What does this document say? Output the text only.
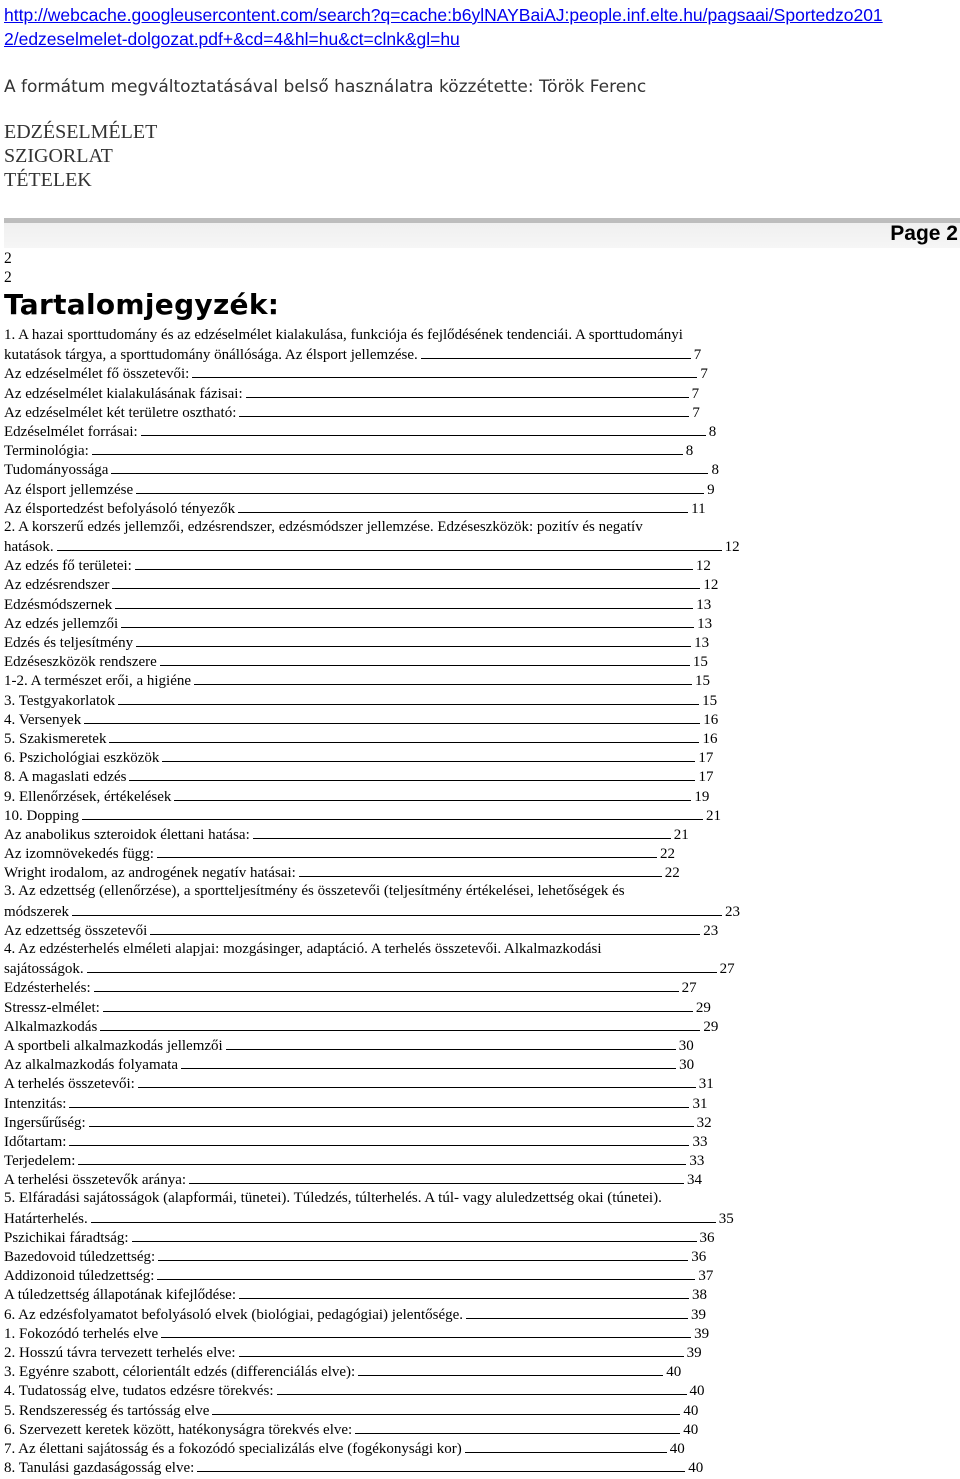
http://webcache.googleusercontent.com/search?q=cache:b6ylNAYBaiAJ:people.inf.elte.hu/pagsaai/Sportedzo201
2/edzeselmelet-dolgozat.pdf+&cd=4&hl=hu&ct=clnk&gl=hu

A formátum megváltoztatásával belső használatra közzétette: Török Ferenc
EDZÉSELMÉLET
SZIGORLAT
TÉTELEK
Page 2
2
2
Tartalomjegyzék:
1. A hazai sporttudomány és az edzéselmélet kialakulása, funkciója és fejlődésének tendenciái. A sporttudományi
kutatások tárgya, a sporttudomány önállósága. Az élsport jellemzése.	7
Az edzéselmélet fő összetevői:	7
Az edzéselmélet kialakulásának fázisai:	7
Az edzéselmélet két területre osztható:	7
Edzéselmélet forrásai:	8
Terminológia:	8
Tudományossága	8
Az élsport jellemzése	9
Az élsportedzést befolyásoló tényezők	11
2. A korszerű edzés jellemzői, edzésrendszer, edzésmódszer jellemzése. Edzéseszközök: pozitív és negatív
hatások.	12
Az edzés fő területei:	12
Az edzésrendszer	12
Edzésmódszernek	13
Az edzés jellemzői	13
Edzés és teljesítmény	13
Edzéseszközök rendszere	15
1-2. A természet erői, a higiéne	15
3. Testgyakorlatok	15
4. Versenyek	16
5. Szakismeretek	16
6. Pszichológiai eszközök	17
8. A magaslati edzés	17
9. Ellenőrzések, értékelések	19
10. Dopping	21
Az anabolikus szteroidok élettani hatása:	21
Az izomnövekedés függ:	22
Wright irodalom, az androgének negatív hatásai:	22
3. Az edzettség (ellenőrzése), a sportteljesítmény és összetevői (teljesítmény értékelései, lehetőségek és
módszerek	23
Az edzettség összetevői	23
4. Az edzésterhelés elméleti alapjai: mozgásinger, adaptáció. A terhelés összetevői. Alkalmazkodási
sajátosságok.	27
Edzésterhelés:	27
Stressz-elmélet:	29
Alkalmazkodás	29
A sportbeli alkalmazkodás jellemzői	30
Az alkalmazkodás folyamata	30
A terhelés összetevői:	31
Intenzitás:	31
Ingersűrűség:	32
Időtartam:	33
Terjedelem:	33
A terhelési összetevők aránya:	34
5. Elfáradási sajátosságok (alapformái, tünetei). Túledzés, túlterhelés. A túl- vagy aluledzettség okai (túnetei).
Határterhelés.	35
Pszichikai fáradtság:	36
Bazedovoid túledzettség:	36
Addizonoid túledzettség:	37
A túledzettség állapotának kifejlődése:	38
6. Az edzésfolyamatot befolyásoló elvek (biológiai, pedagógiai) jelentősége.	39
1. Fokozódó terhelés elve	39
2. Hosszú távra tervezett terhelés elve:	39
3. Egyénre szabott, célorientált edzés (differenciálás elve):	40
4. Tudatosság elve, tudatos edzésre törekvés:	40
5. Rendszeresség és tartósság elve	40
6. Szervezett keretek között, hatékonyságra törekvés elve:	40
7. Az élettani sajátosság és a fokozódó specializálás elve (fogékonysági kor)	40
8. Tanulási gazdaságosság elve:	40
